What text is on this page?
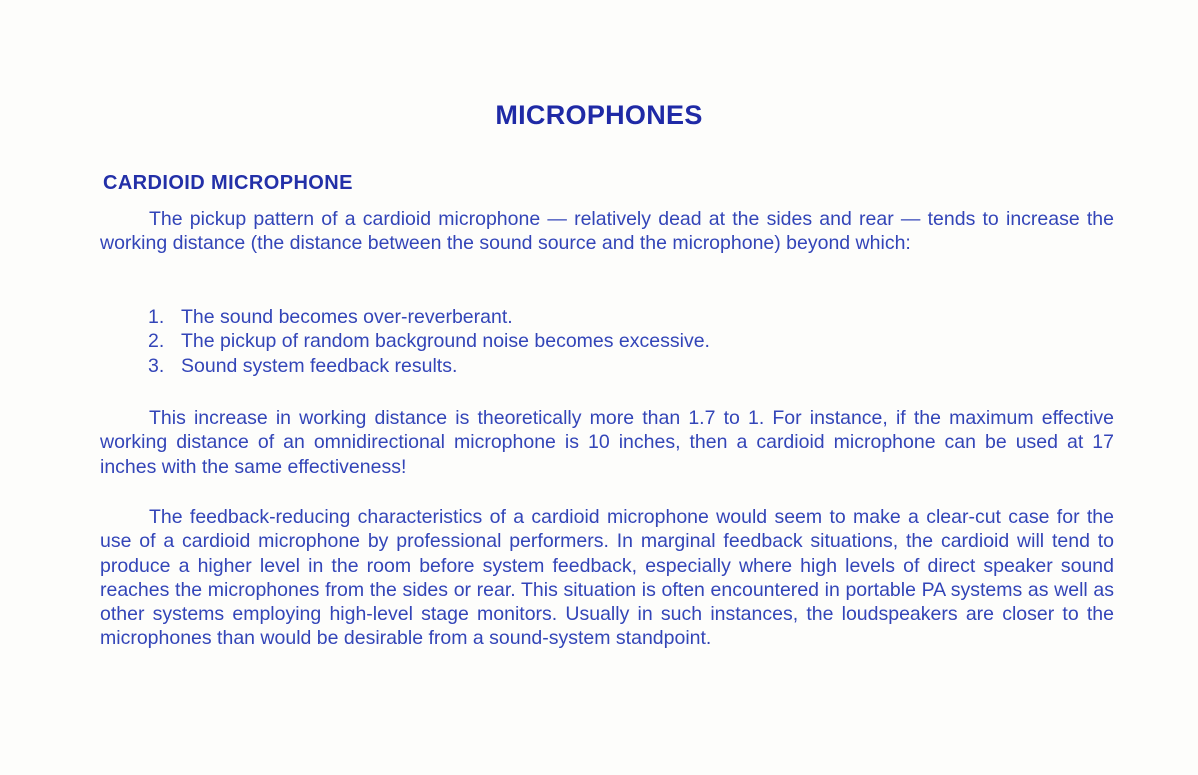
MICROPHONES
CARDIOID MICROPHONE
The pickup pattern of a cardioid microphone — relatively dead at the sides and rear — tends to increase the working distance (the distance between the sound source and the microphone) beyond which:
1. The sound becomes over-reverberant.
2. The pickup of random background noise becomes excessive.
3. Sound system feedback results.
This increase in working distance is theoretically more than 1.7 to 1. For instance, if the maximum effective working distance of an omnidirectional microphone is 10 inches, then a cardioid microphone can be used at 17 inches with the same effectiveness!
The feedback-reducing characteristics of a cardioid microphone would seem to make a clear-cut case for the use of a cardioid microphone by professional performers. In marginal feedback situations, the cardioid will tend to produce a higher level in the room before system feedback, especially where high levels of direct speaker sound reaches the microphones from the sides or rear. This situation is often encountered in portable PA systems as well as other systems employing high-level stage monitors. Usually in such instances, the loudspeakers are closer to the microphones than would be desirable from a sound-system standpoint.
